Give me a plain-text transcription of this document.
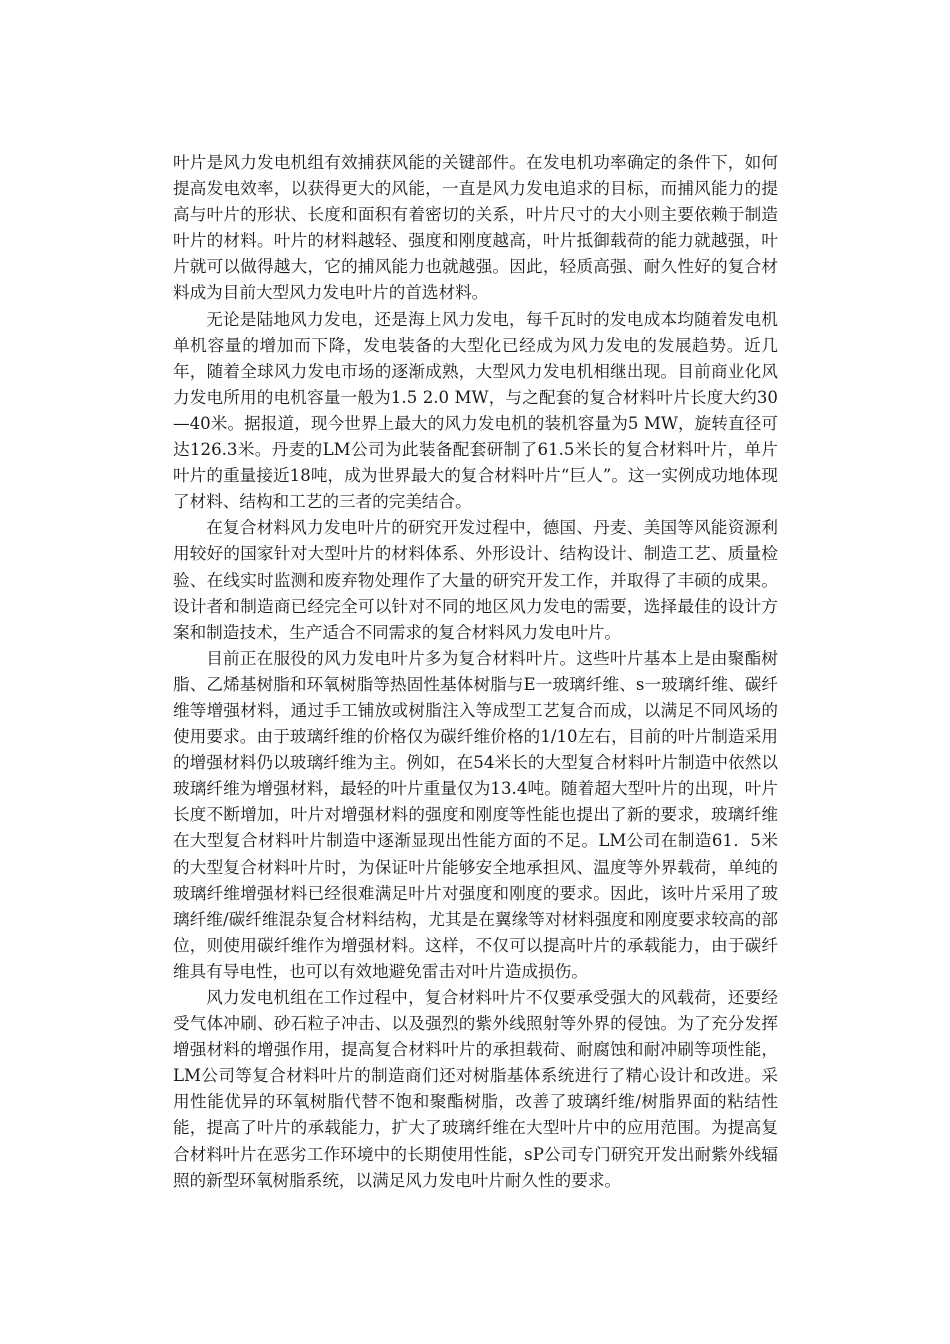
叶片是风力发电机组有效捕获风能的关键部件。在发电机功率确定的条件下，如何提高发电效率，以获得更大的风能，一直是风力发电追求的目标，而捕风能力的提高与叶片的形状、长度和面积有着密切的关系，叶片尺寸的大小则主要依赖于制造叶片的材料。叶片的材料越轻、强度和刚度越高，叶片抵御载荷的能力就越强，叶片就可以做得越大，它的捕风能力也就越强。因此，轻质高强、耐久性好的复合材料成为目前大型风力发电叶片的首选材料。

无论是陆地风力发电，还是海上风力发电，每千瓦时的发电成本均随着发电机单机容量的增加而下降，发电装备的大型化已经成为风力发电的发展趋势。近几年，随着全球风力发电市场的逐渐成熟，大型风力发电机相继出现。目前商业化风力发电所用的电机容量一般为1.5 2.0 MW，与之配套的复合材料叶片长度大约30—40米。据报道，现今世界上最大的风力发电机的装机容量为5 MW，旋转直径可达126.3米。丹麦的LM公司为此装备配套研制了61.5米长的复合材料叶片，单片叶片的重量接近18吨，成为世界最大的复合材料叶片“巨人”。这一实例成功地体现了材料、结构和工艺的三者的完美结合。

在复合材料风力发电叶片的研究开发过程中，德国、丹麦、美国等风能资源利用较好的国家针对大型叶片的材料体系、外形设计、结构设计、制造工艺、质量检验、在线实时监测和废弃物处理作了大量的研究开发工作，并取得了丰硕的成果。设计者和制造商已经完全可以针对不同的地区风力发电的需要，选择最佳的设计方案和制造技术，生产适合不同需求的复合材料风力发电叶片。

目前正在服役的风力发电叶片多为复合材料叶片。这些叶片基本上是由聚酯树脂、乙烯基树脂和环氧树脂等热固性基体树脂与E一玻璃纤维、s一玻璃纤维、碳纤维等增强材料，通过手工铺放或树脂注入等成型工艺复合而成，以满足不同风场的使用要求。由于玻璃纤维的价格仅为碳纤维价格的1/10左右，目前的叶片制造采用的增强材料仍以玻璃纤维为主。例如，在54米长的大型复合材料叶片制造中依然以玻璃纤维为增强材料，最轻的叶片重量仅为13.4吨。随着超大型叶片的出现，叶片长度不断增加，叶片对增强材料的强度和刚度等性能也提出了新的要求，玻璃纤维在大型复合材料叶片制造中逐渐显现出性能方面的不足。LM公司在制造61．5米的大型复合材料叶片时，为保证叶片能够安全地承担风、温度等外界载荷，单纯的玻璃纤维增强材料已经很难满足叶片对强度和刚度的要求。因此，该叶片采用了玻璃纤维/碳纤维混杂复合材料结构，尤其是在翼缘等对材料强度和刚度要求较高的部位，则使用碳纤维作为增强材料。这样，不仅可以提高叶片的承载能力，由于碳纤维具有导电性，也可以有效地避免雷击对叶片造成损伤。

风力发电机组在工作过程中，复合材料叶片不仅要承受强大的风载荷，还要经受气体冲刷、砂石粒子冲击、以及强烈的紫外线照射等外界的侵蚀。为了充分发挥增强材料的增强作用，提高复合材料叶片的承担载荷、耐腐蚀和耐冲刷等项性能，LM公司等复合材料叶片的制造商们还对树脂基体系统进行了精心设计和改进。采用性能优异的环氧树脂代替不饱和聚酯树脂，改善了玻璃纤维/树脂界面的粘结性能，提高了叶片的承载能力，扩大了玻璃纤维在大型叶片中的应用范围。为提高复合材料叶片在恶劣工作环境中的长期使用性能，sP公司专门研究开发出耐紫外线辐照的新型环氧树脂系统，以满足风力发电叶片耐久性的要求。
